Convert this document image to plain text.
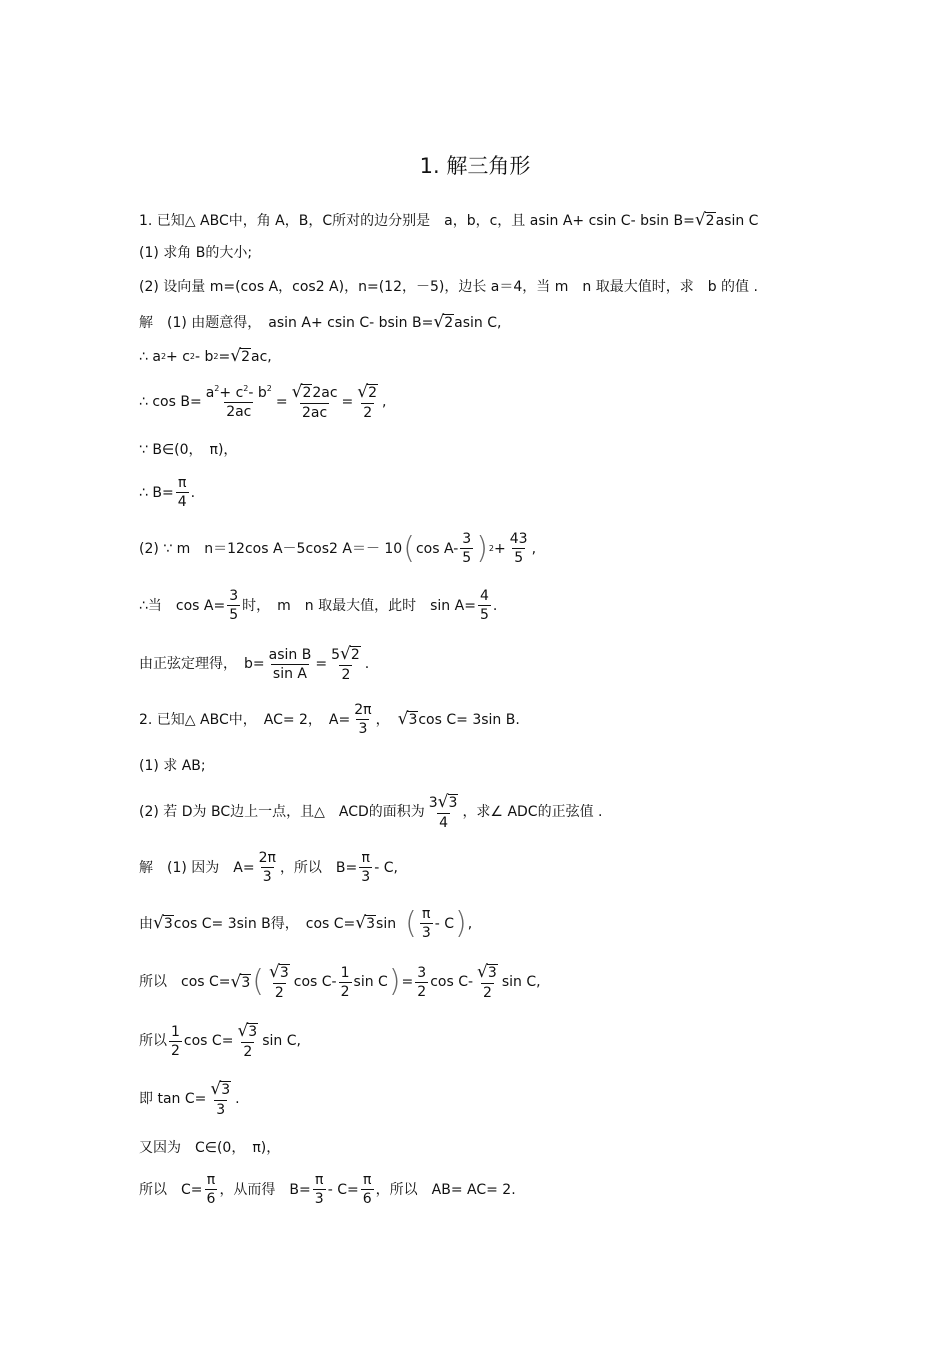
1. 解三角形
1. 已知△ ABC中，角 A，B，C所对的边分别是　a，b，c，且 asin A+ csin C- bsin B= √ 2 asin C
(1) 求角 B的大小;
(2) 设向量 m=(cos A，cos2 A)，n=(12，－5)，边长 a＝4，当 m　n 取最大值时，求　b 的值 .
解　(1) 由题意得，　asin A+ csin C- bsin B= √ 2 asin C,
∴ a 2 + c 2 - b 2 = √ 2 ac,
∴ $\cos B= \frac{a^2+ c^2- b^2}{2ac} = \frac{√ 2 2ac}{2ac} = \frac{√ 2}{2}$ ,
∵ B∈(0，　π)，
∴ $B= \frac{\pi}{4}$ .
(2) ∵ m　n＝12cos A－5cos2 A＝－ 10 ( $\cos A- \frac{3}{5}$ ) $2 + \frac{43}{5}$ ,
∴当　$\cos A= \frac{3}{5}$ 时，　m　n 取最大值，此时　$\sin A= \frac{4}{5}$ .
由正弦定理得，　$b= \frac{\text{asin B}}{\text{sin A}} = \frac{5 √ 2}{2}$ .
2. 已知△ ABC中，　AC= 2，　$A= \frac{2\pi}{3}$ ， √ 3 cos C= 3sin B.
(1) 求 AB;
(2) 若 D为 BC边上一点，且△　ACD的面积为 $\frac{3 √ 3}{4}$ ，求∠ ADC的正弦值 .
解　(1) 因为　$A= \frac{2\pi}{3}$ ，所以　$B= \frac{\pi}{3} - C$,
由 √ 3 cos C= 3sin B得，　cos C= √ 3 sin ( $\frac{\pi}{3}$ - C ) ,
所以　cos C= √ 3 ( $\frac{√ 3}{2}$ $\cos C- \frac{1}{2}$ sin C ) = $\frac{3}{2}$ $\cos C- \frac{√ 3}{2}$ sin C,
所以 $\frac{1}{2}$ $\cos C= \frac{√ 3}{2}$ sin C,
即 $\tan C= \frac{√ 3}{3}$ .
又因为　C∈(0，　π)，
所以　$C= \frac{\pi}{6}$ ，从而得　$B= \frac{\pi}{3} - C= \frac{\pi}{6}$ ，所以　AB= AC= 2.
